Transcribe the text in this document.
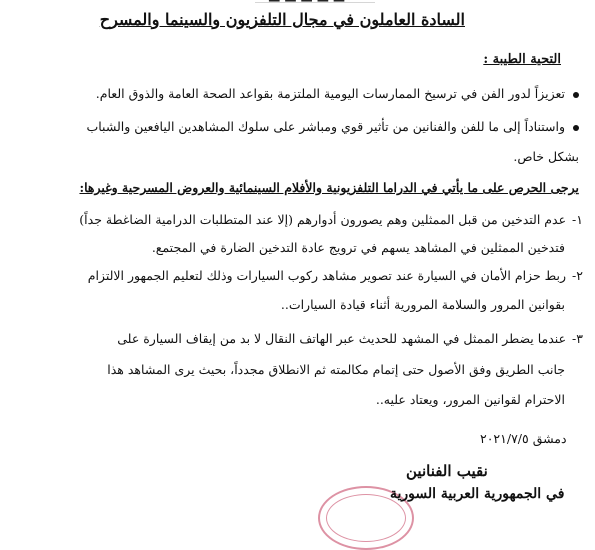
— — — — —
السادة العاملون في مجال التلفزيون والسينما والمسرح
التحية الطيبة :
تعزيزاً لدور الفن في ترسيخ الممارسات اليومية الملتزمة بقواعد الصحة العامة والذوق العام.
واستناداً إلى ما للفن والفنانين من تأثير قوي ومباشر على سلوك المشاهدين اليافعين والشباب
بشكل خاص.
يرجى الحرص على ما يأتي في الدراما التلفزيونية والأفلام السينمائية والعروض المسرحية وغيرها:
١-عدم التدخين من قبل الممثلين وهم يصورون أدوارهم (إلا عند المتطلبات الدرامية الضاغطة جداً)
فتدخين الممثلين في المشاهد يسهم في ترويج عادة التدخين الضارة في المجتمع.
٢-ربط حزام الأمان في السيارة عند تصوير مشاهد ركوب السيارات وذلك لتعليم الجمهور الالتزام
بقوانين المرور والسلامة المرورية أثناء قيادة السيارات..
٣-عندما يضطر الممثل في المشهد للحديث عبر الهاتف النقال لا بد من إيقاف السيارة على
جانب الطريق وفق الأصول حتى إتمام مكالمته ثم الانطلاق مجدداً، بحيث يرى المشاهد هذا
الاحترام لقوانين المرور، ويعتاد عليه..
دمشق ٢٠٢١/٧/٥
نقيب الفنانين
في الجمهورية العربية السورية
